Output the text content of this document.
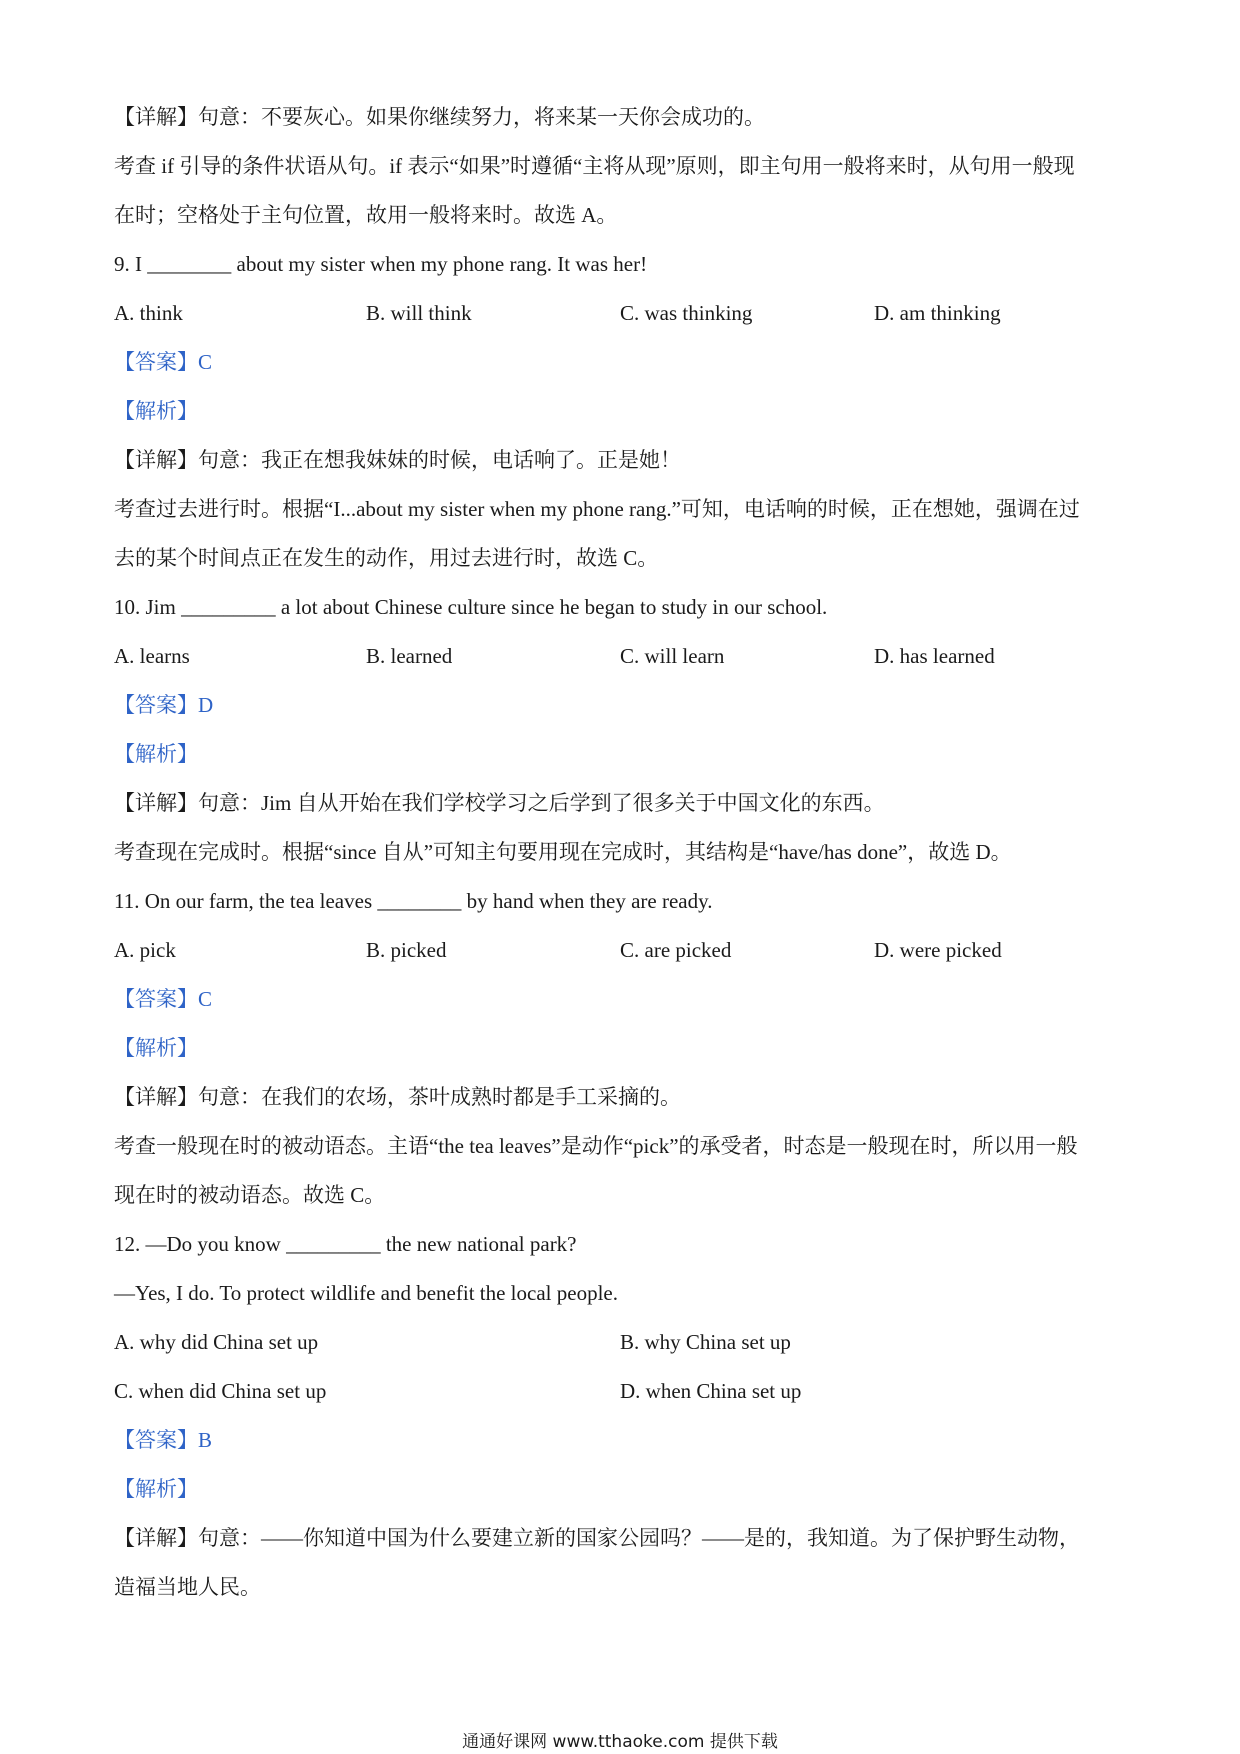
【详解】句意：不要灰心。如果你继续努力，将来某一天你会成功的。
考查 if 引导的条件状语从句。if 表示“如果”时遵循“主将从现”原则，即主句用一般将来时，从句用一般现
在时；空格处于主句位置，故用一般将来时。故选 A。
9. I ________ about my sister when my phone rang. It was her!
A. think	B. will think	C. was thinking	D. am thinking
【答案】C
【解析】
【详解】句意：我正在想我妹妹的时候，电话响了。正是她！
考查过去进行时。根据“I...about my sister when my phone rang.”可知，电话响的时候，正在想她，强调在过
去的某个时间点正在发生的动作，用过去进行时，故选 C。
10. Jim _________ a lot about Chinese culture since he began to study in our school.
A. learns	B. learned	C. will learn	D. has learned
【答案】D
【解析】
【详解】句意：Jim 自从开始在我们学校学习之后学到了很多关于中国文化的东西。
考查现在完成时。根据“since 自从”可知主句要用现在完成时，其结构是“have/has done”，故选 D。
11. On our farm, the tea leaves ________ by hand when they are ready.
A. pick	B. picked	C. are picked	D. were picked
【答案】C
【解析】
【详解】句意：在我们的农场，茶叶成熟时都是手工采摘的。
考查一般现在时的被动语态。主语“the tea leaves”是动作“pick”的承受者，时态是一般现在时，所以用一般
现在时的被动语态。故选 C。
12. —Do you know _________ the new national park?
—Yes, I do. To protect wildlife and benefit the local people.
A. why did China set up	B. why China set up
C. when did China set up	D. when China set up
【答案】B
【解析】
【详解】句意：——你知道中国为什么要建立新的国家公园吗？——是的，我知道。为了保护野生动物，
造福当地人民。
通通好课网 www.tthaoke.com 提供下载
